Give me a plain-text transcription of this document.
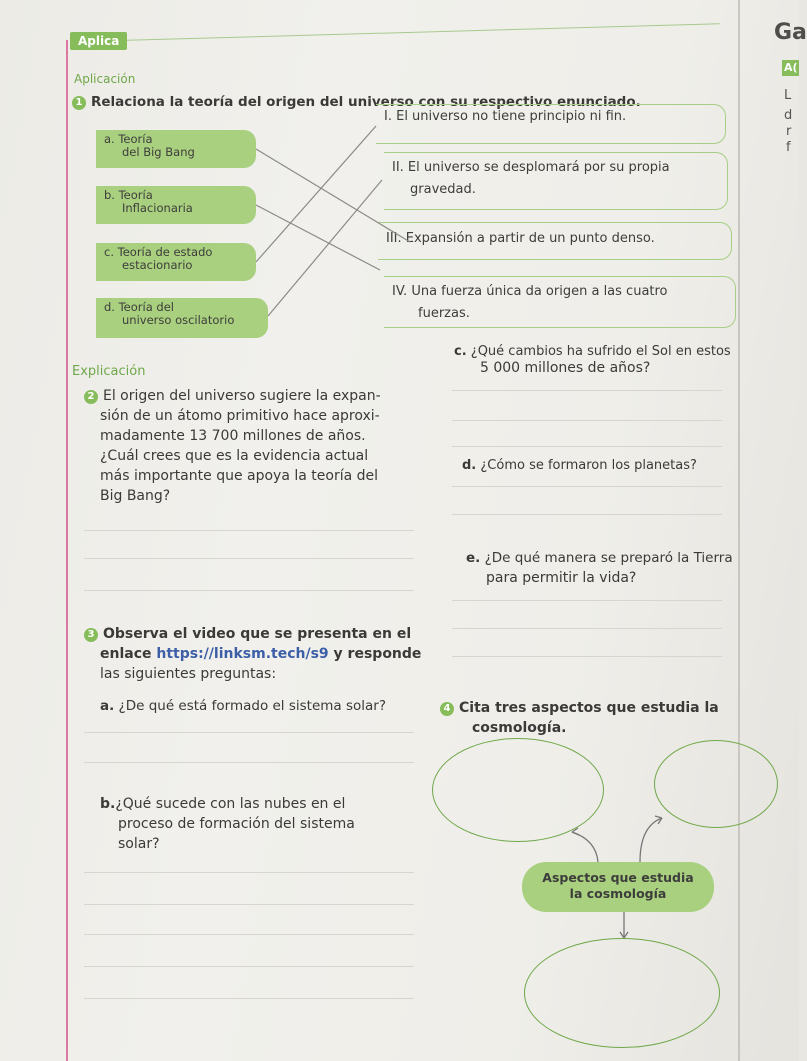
Aplica	Ga
A(
L
d
r
f
Aplicación
1 Relaciona la teoría del origen del universo con su respectivo enunciado.
a. Teoría
del Big Bang
b. Teoría
Inflacionaria
c. Teoría de estado
estacionario
d. Teoría del
universo oscilatorio
I. El universo no tiene principio ni fin.
II. El universo se desplomará por su propia
gravedad.
III. Expansión a partir de un punto denso.
IV. Una fuerza única da origen a las cuatro
fuerzas.
c. ¿Qué cambios ha sufrido el Sol en estos
5 000 millones de años?
Explicación
2 El origen del universo sugiere la expan-
sión de un átomo primitivo hace aproxi-
madamente 13 700 millones de años.
¿Cuál crees que es la evidencia actual
más importante que apoya la teoría del
Big Bang?
d. ¿Cómo se formaron los planetas?
e. ¿De qué manera se preparó la Tierra
para permitir la vida?
3 Observa el video que se presenta en el
enlace https://linksm.tech/s9 y responde
las siguientes preguntas:
a. ¿De qué está formado el sistema solar?
b.¿Qué sucede con las nubes en el
proceso de formación del sistema
solar?
4 Cita tres aspectos que estudia la
cosmología.
Aspectos que estudia
la cosmología
